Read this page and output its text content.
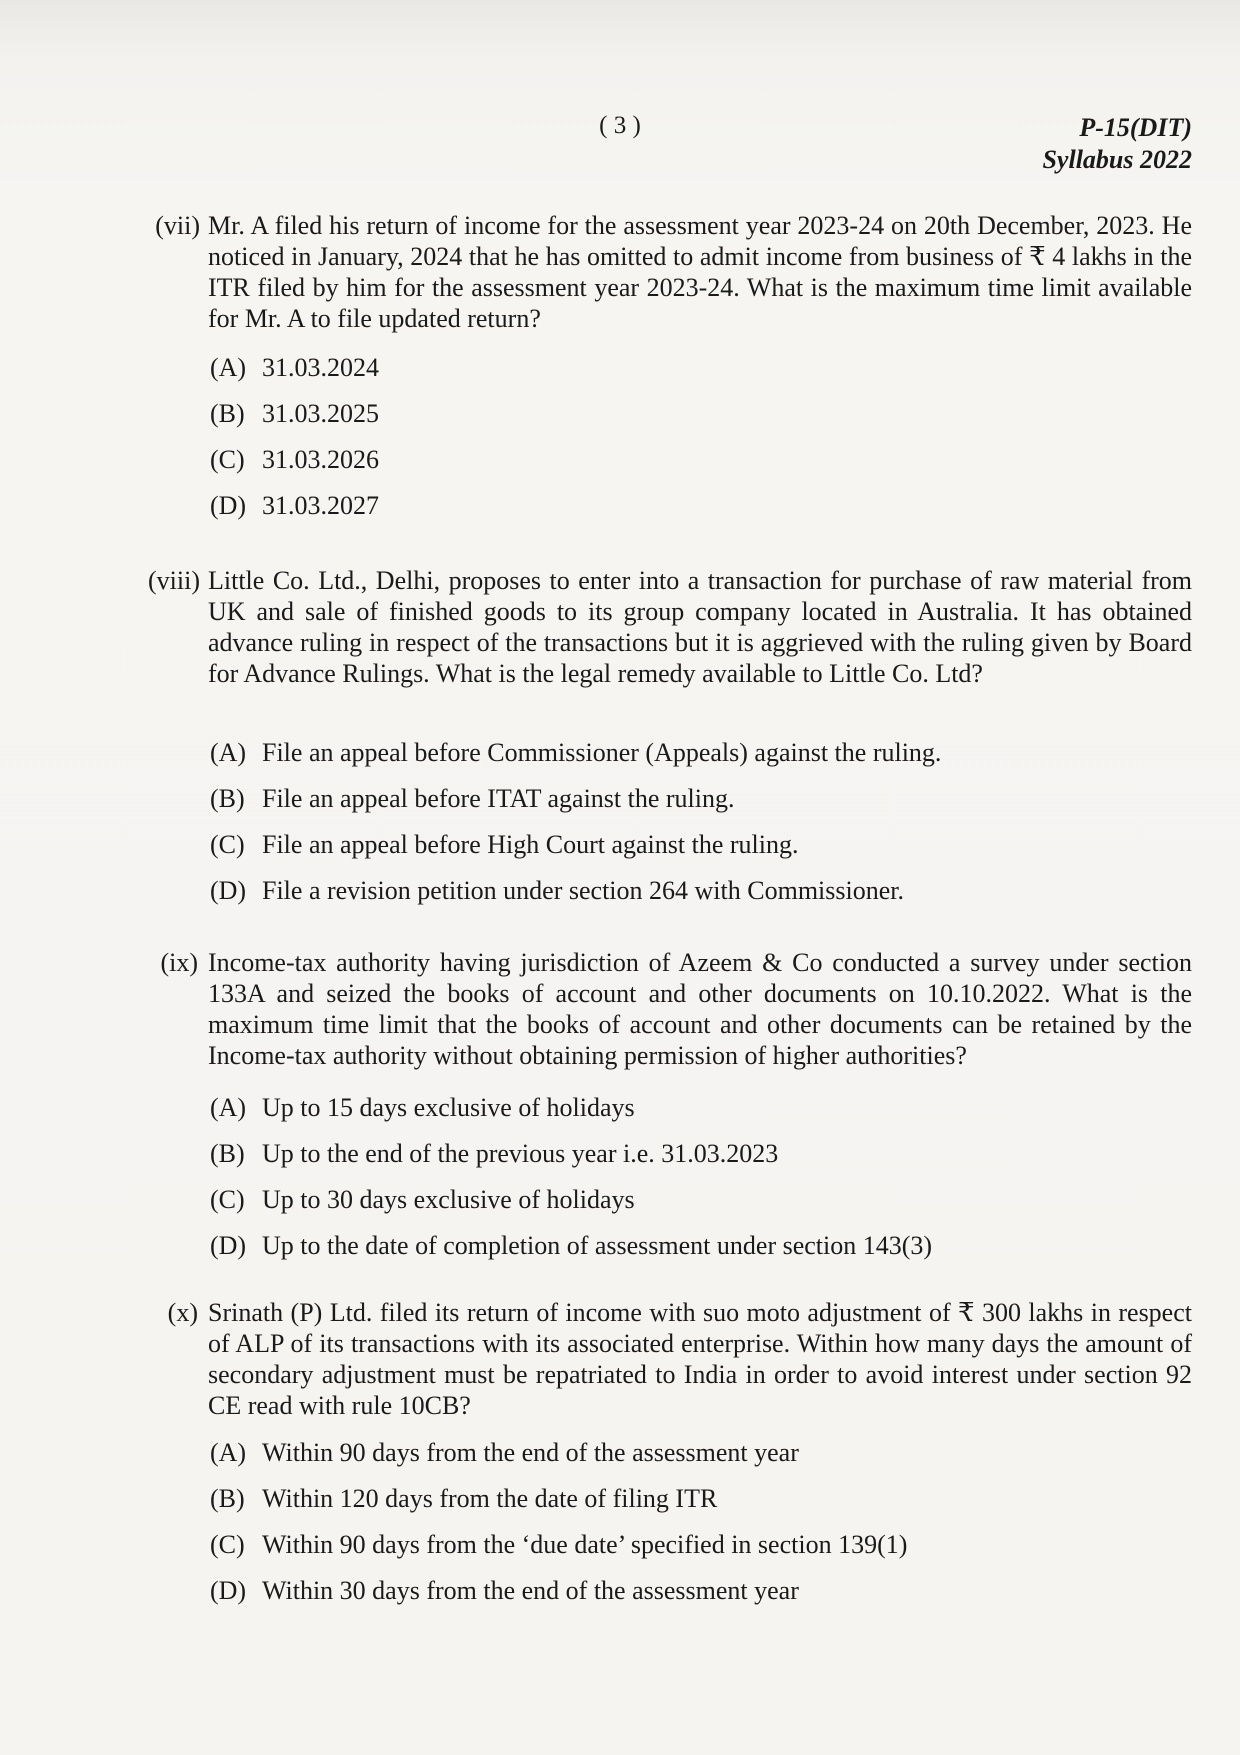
( 3 )	P-15(DIT)
Syllabus 2022
(vii) Mr. A filed his return of income for the assessment year 2023-24 on 20th December, 2023. He noticed in January, 2024 that he has omitted to admit income from business of ₹ 4 lakhs in the ITR filed by him for the assessment year 2023-24. What is the maximum time limit available for Mr. A to file updated return?
(A) 31.03.2024
(B) 31.03.2025
(C) 31.03.2026
(D) 31.03.2027
(viii) Little Co. Ltd., Delhi, proposes to enter into a transaction for purchase of raw material from UK and sale of finished goods to its group company located in Australia. It has obtained advance ruling in respect of the transactions but it is aggrieved with the ruling given by Board for Advance Rulings. What is the legal remedy available to Little Co. Ltd?
(A) File an appeal before Commissioner (Appeals) against the ruling.
(B) File an appeal before ITAT against the ruling.
(C) File an appeal before High Court against the ruling.
(D) File a revision petition under section 264 with Commissioner.
(ix) Income-tax authority having jurisdiction of Azeem & Co conducted a survey under section 133A and seized the books of account and other documents on 10.10.2022. What is the maximum time limit that the books of account and other documents can be retained by the Income-tax authority without obtaining permission of higher authorities?
(A) Up to 15 days exclusive of holidays
(B) Up to the end of the previous year i.e. 31.03.2023
(C) Up to 30 days exclusive of holidays
(D) Up to the date of completion of assessment under section 143(3)
(x) Srinath (P) Ltd. filed its return of income with suo moto adjustment of ₹ 300 lakhs in respect of ALP of its transactions with its associated enterprise. Within how many days the amount of secondary adjustment must be repatriated to India in order to avoid interest under section 92 CE read with rule 10CB?
(A) Within 90 days from the end of the assessment year
(B) Within 120 days from the date of filing ITR
(C) Within 90 days from the ‘due date’ specified in section 139(1)
(D) Within 30 days from the end of the assessment year
